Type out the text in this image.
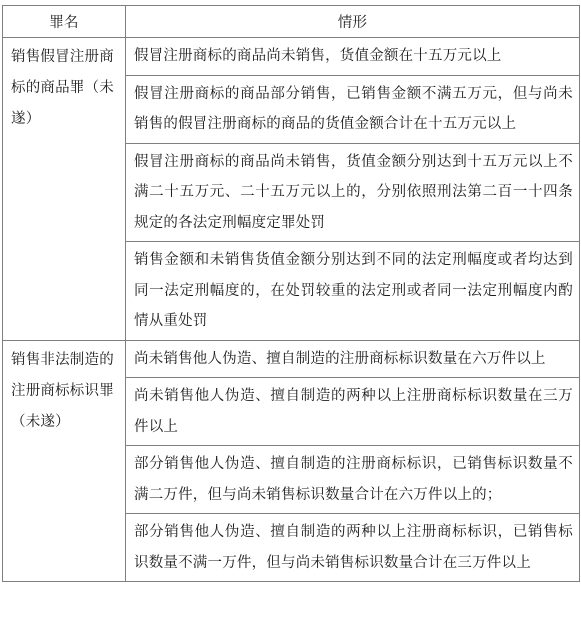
罪名	情形
销售假冒注册商标的商品罪（未遂）	假冒注册商标的商品尚未销售，货值金额在十五万元以上
	假冒注册商标的商品部分销售，已销售金额不满五万元，但与尚未销售的假冒注册商标的商品的货值金额合计在十五万元以上
	假冒注册商标的商品尚未销售，货值金额分别达到十五万元以上不满二十五万元、二十五万元以上的，分别依照刑法第二百一十四条规定的各法定刑幅度定罪处罚
	销售金额和未销售货值金额分别达到不同的法定刑幅度或者均达到同一法定刑幅度的，在处罚较重的法定刑或者同一法定刑幅度内酌情从重处罚
销售非法制造的注册商标标识罪（未遂）	尚未销售他人伪造、擅自制造的注册商标标识数量在六万件以上
	尚未销售他人伪造、擅自制造的两种以上注册商标标识数量在三万件以上
	部分销售他人伪造、擅自制造的注册商标标识，已销售标识数量不满二万件，但与尚未销售标识数量合计在六万件以上的；
	部分销售他人伪造、擅自制造的两种以上注册商标标识，已销售标识数量不满一万件，但与尚未销售标识数量合计在三万件以上
